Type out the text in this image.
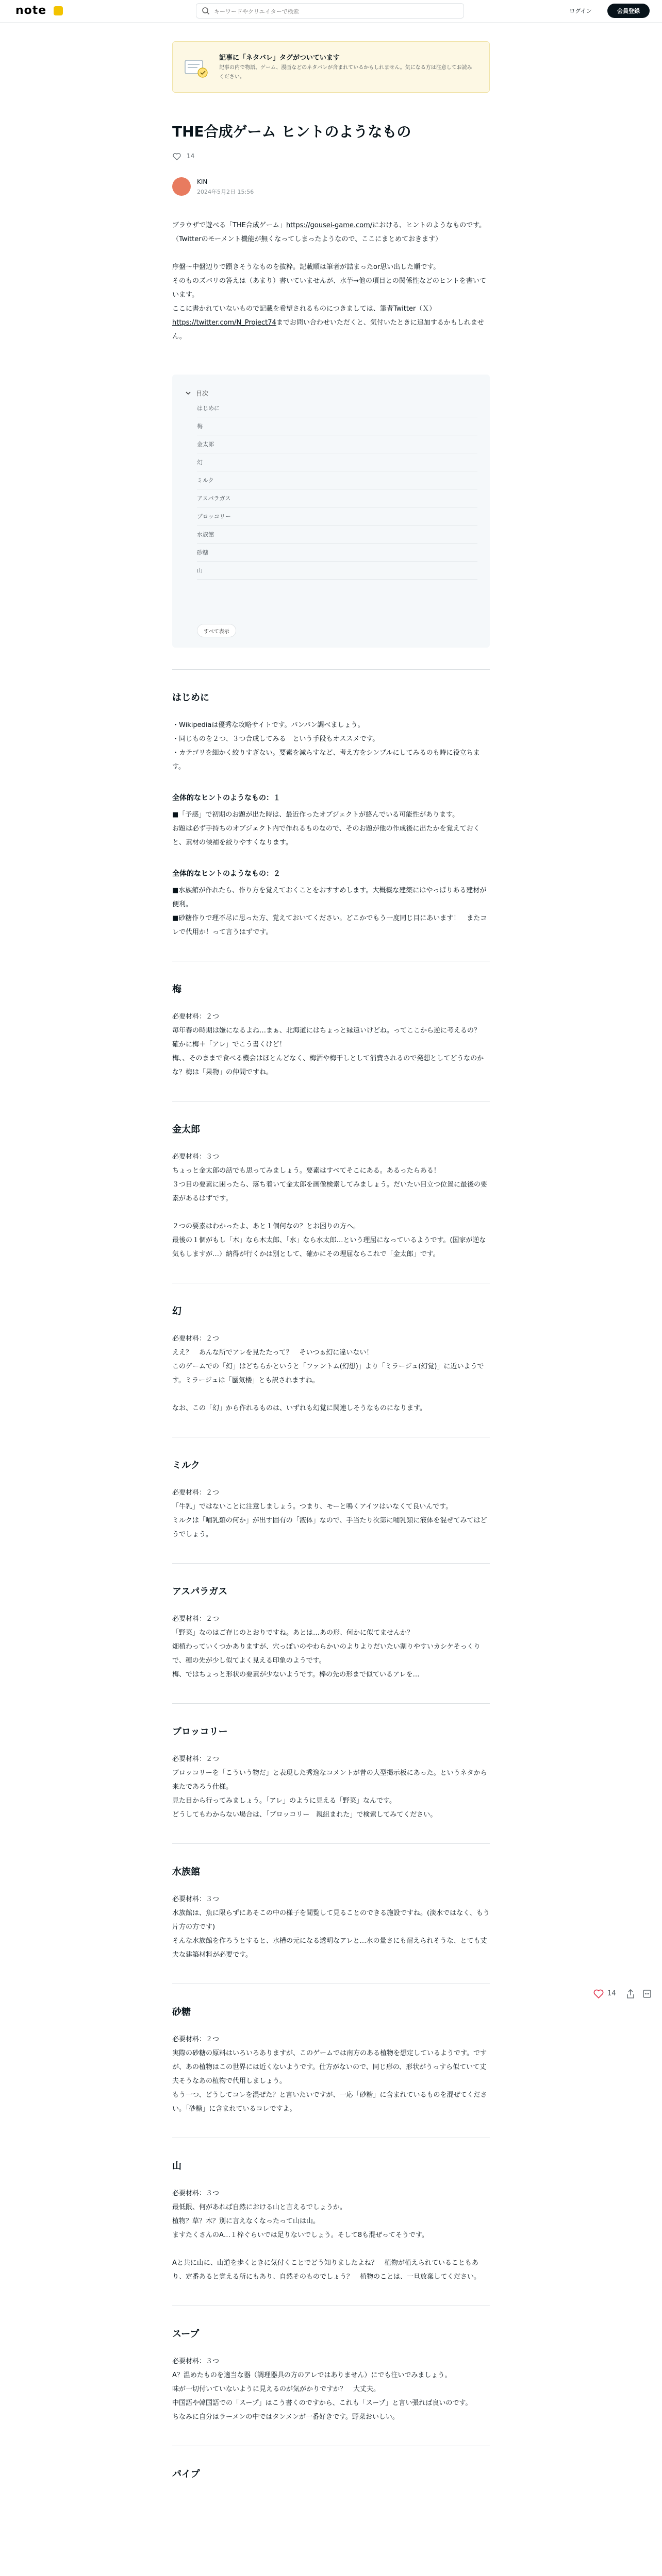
note
キーワードやクリエイターで検索	ログイン	会員登録
記事に「ネタバレ」タグがついています
記事の内で物語、ゲーム、漫画などのネタバレが含まれているかもしれません。気になる方は注意してお読みください。
THE合成ゲーム ヒントのようなもの
14
KIN
2024年5月2日 15:56

ブラウザで遊べる「THE合成ゲーム」https://gousei-game.com/における、ヒントのようなものです。

（Twitterのモーメント機能が無くなってしまったようなので、ここにまとめておきます）

序盤〜中盤辺りで躓きそうなものを抜粋。記載順は筆者が詰まったor思い出した順です。

そのものズバリの答えは（あまり）書いていませんが、水芋→他の項目との関係性などのヒントを書いています。

ここに書かれていないもので記載を希望されるものにつきましては、筆者Twitter（Ｘ）https://twitter.com/N_Project74までお問い合わせいただくと、気付いたときに追加するかもしれません。

目次
はじめに
梅
金太郎
幻
ミルク
アスパラガス
ブロッコリー
水族館
砂糖
山
すべて表示
はじめに

・Wikipediaは優秀な攻略サイトです。バンバン調べましょう。

・同じものを２つ、３つ合成してみる　という手段もオススメです。

・カテゴリを細かく絞りすぎない。要素を減らすなど、考え方をシンプルにしてみるのも時に役立ちます。

全体的なヒントのようなもの：１

■「予感」で初期のお題が出た時は、最近作ったオブジェクトが絡んでいる可能性があります。

お題は必ず手持ちのオブジェクト内で作れるものなので、そのお題が他の作成後に出たかを覚えておくと、素材の候補を絞りやすくなります。

全体的なヒントのようなもの：２

■水族館が作れたら、作り方を覚えておくことをおすすめします。大概機な建築にはやっぱりある建材が便利。

■砂糖作りで理不尽に思った方、覚えておいてください。どこかでもう一度同じ目にあいます！　またコレで代用か！って言うはずです。

梅

必要材料：２つ

毎年春の時期は嫌になるよね…まぁ、北海道にはちょっと縁遠いけどね。ってここから逆に考えるの？　確かに梅＋「アレ」でこう書くけど！

梅、、そのままで食べる機会はほとんどなく、梅酒や梅干しとして消費されるので発想としてどうなのかな？梅は「果物」の仲間ですね。

金太郎

必要材料：３つ

ちょっと金太郎の話でも思ってみましょう。要素はすべてそこにある。あるったらある！

３つ目の要素に困ったら、落ち着いて金太郎を画像検索してみましょう。だいたい目立つ位置に最後の要素があるはずです。

２つの要素はわかったよ、あと１個何なの？とお困りの方へ。

最後の１個がもし「木」なら木太郎、「水」なら水太郎…という理屈になっているようです。(国家が逆な気もしますが…）納得が行くかは別として、確かにその理屈ならこれで「金太郎」です。

幻

必要材料：２つ

ええ？　あんな所でアレを見たたって？　そいつぁ幻に違いない！

このゲームでの「幻」はどちらかというと「ファントム(幻想)」より「ミラージュ(幻覚)」に近いようです。ミラージュは「蜃気楼」とも訳されますね。

なお、この「幻」から作れるものは、いずれも幻覚に関連しそうなものになります。

ミルク

必要材料：２つ

「牛乳」ではないことに注意しましょう。つまり、モーと鳴くアイツはいなくて良いんです。

ミルクは「哺乳類の何か」が出す固有の「液体」なので、手当たり次第に哺乳類に液体を混ぜてみてはどうでしょう。

アスパラガス

必要材料：２つ

「野菜」なのはご存じのとおりですね。あとは…あの形、何かに似てませんか？

畑植わっていくつかありますが、穴っぽいのやわらかいのよりよりだいたい割りやすいカシケそっくりで、穂の先が少し似てよく見える印象のようです。

梅、ではちょっと形状の要素が少ないようです。棒の先の形まで似ているアレを…

ブロッコリー

必要材料：２つ

ブロッコリーを「こういう物だ」と表現した秀逸なコメントが昔の大型掲示板にあった。というネタから来たであろう仕様。

見た目から行ってみましょう。「アレ」のように見える「野菜」なんです。

どうしてもわからない場合は、「ブロッコリー　親組まれた」で検索してみてください。

水族館

必要材料：３つ

水族館は、魚に限らずにあそこの中の様子を閲覧して見ることのできる施設ですね。(淡水ではなく、もう片方の方です)

そんな水族館を作ろうとすると、水槽の元になる透明なアレと…水の量さにも耐えられそうな、とても丈夫な建築材料が必要です。

砂糖

必要材料：２つ

実際の砂糖の原料はいろいろありますが、このゲームでは南方のある植物を想定しているようです。ですが、あの植物はこの世界には近くないようです。仕方がないので、同じ形の、形状がうっすら似ていて丈夫そうなあの植物で代用しましょう。

もう一つ、どうしてコレを混ぜた？と言いたいですが、一応「砂糖」に含まれているものを混ぜてください。「砂糖」に含まれているコレですよ。

山

必要材料：３つ

最低限、何があれば自然における山と言えるでしょうか。

植物？草？木？別に言えなくなったって山は山。

ますたくさんのA…１枠ぐらいでは足りないでしょう。そして8も混ぜってそうです。

Aと共に山に、山道を歩くときに気付くことでどう知りましたよね？　植物が植えられていることもあり、定番あると覚える所にもあり、自然そのものでしょう？　植物のことは、一旦放棄してください。

スープ

必要材料：３つ

A？温めたものを適当な器（調理器具の方のアレではありません）にでも注いでみましょう。

味が一切付いていないように見えるのが気がかりですか？　大丈夫。

中国語や韓国語での「スープ」はこう書くのですから、これも「スープ」と言い張れば良いのです。

ちなみに自分はラーメンの中ではタンメンが一番好きです。野菜おいしい。

パイプ
14
